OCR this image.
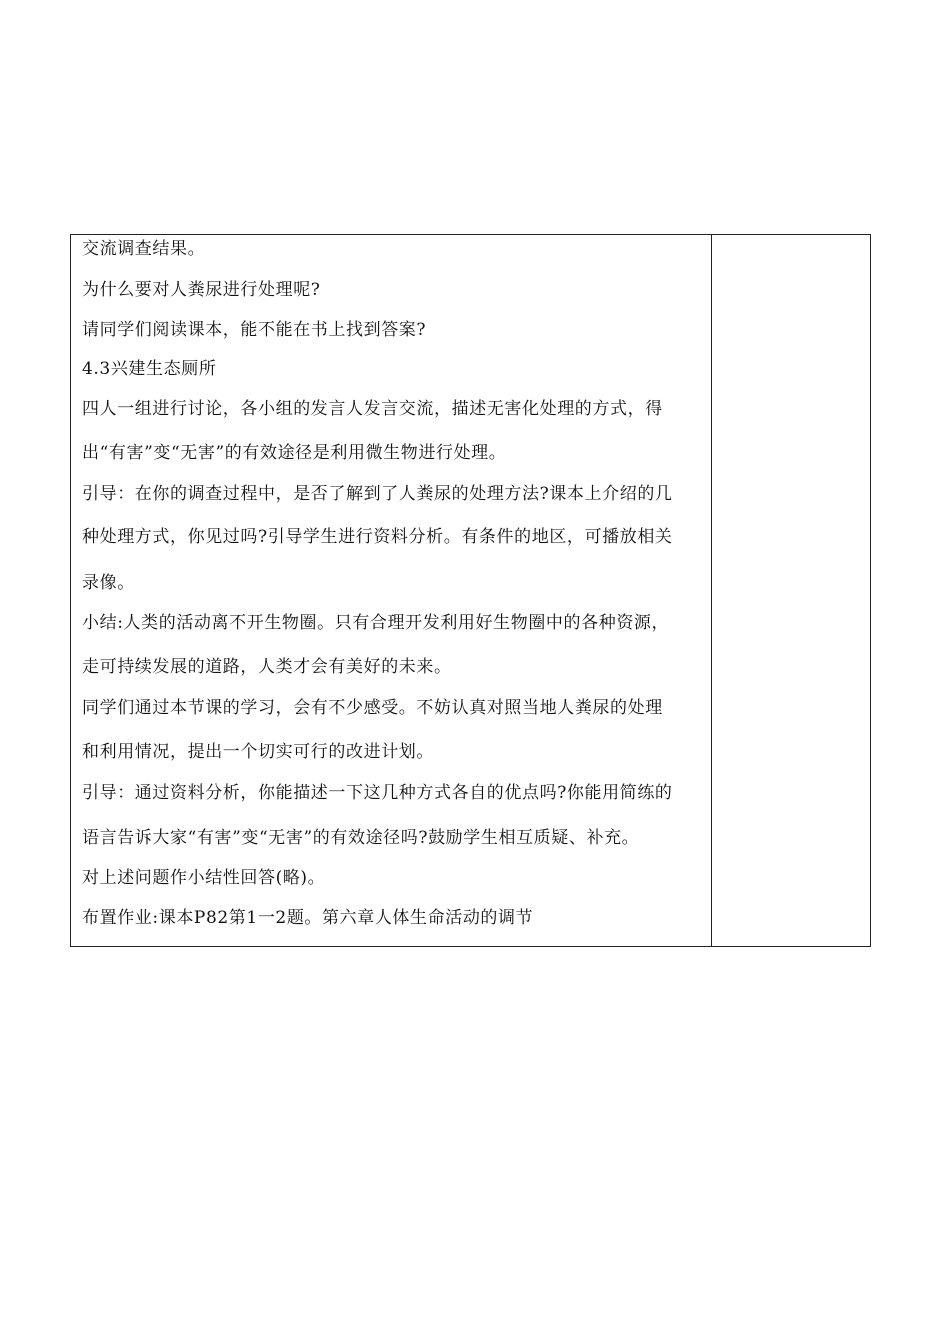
交流调查结果。
为什么要对人粪尿进行处理呢?
请同学们阅读课本，能不能在书上找到答案?
4.3兴建生态厕所
四人一组进行讨论，各小组的发言人发言交流，描述无害化处理的方式，得
出“有害”变“无害”的有效途径是利用微生物进行处理。
引导：在你的调查过程中，是否了解到了人粪尿的处理方法?课本上介绍的几
种处理方式，你见过吗?引导学生进行资料分析。有条件的地区，可播放相关
录像。
小结:人类的活动离不开生物圈。只有合理开发利用好生物圈中的各种资源，
走可持续发展的道路，人类才会有美好的未来。
同学们通过本节课的学习，会有不少感受。不妨认真对照当地人粪尿的处理
和利用情况，提出一个切实可行的改进计划。
引导：通过资料分析，你能描述一下这几种方式各自的优点吗?你能用简练的
语言告诉大家“有害”变“无害”的有效途径吗?鼓励学生相互质疑、补充。
对上述问题作小结性回答(略)。
布置作业:课本P82第1一2题。第六章人体生命活动的调节
